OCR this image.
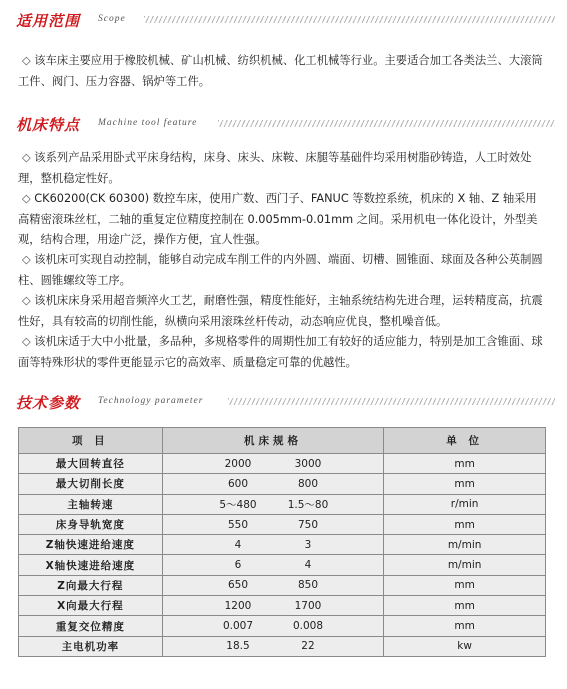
适用范围 Scope

◇ 该车床主要应用于橡胶机械、矿山机械、纺织机械、化工机械等行业。主要适合加工各类法兰、大滚筒工件、阀门、压力容器、锅炉等工件。

机床特点 Machine tool feature

◇ 该系列产品采用卧式平床身结构，床身、床头、床鞍、床腿等基础件均采用树脂砂铸造，人工时效处理，整机稳定性好。

◇ CK60200(CK 60300) 数控车床，使用广数、西门子、FANUC 等数控系统，机床的 X 轴、Z 轴采用高精密滚珠丝杠，二轴的重复定位精度控制在 0.005mm-0.01mm 之间。采用机电一体化设计，外型美观，结构合理，用途广泛，操作方便，宜人性强。

◇ 该机床可实现自动控制，能够自动完成车削工件的内外圆、端面、切槽、圆锥面、球面及各种公英制圆柱、圆锥螺纹等工序。

◇ 该机床床身采用超音频淬火工艺，耐磨性强，精度性能好，主轴系统结构先进合理，运转精度高，抗震性好，具有较高的切削性能，纵横向采用滚珠丝杆传动，动态响应优良，整机噪音低。

◇ 该机床适于大中小批量，多品种，多规格零件的周期性加工有较好的适应能力，特别是加工含锥面、球面等特殊形状的零件更能显示它的高效率、质量稳定可靠的优越性。

技术参数 Technology parameter
项 目	机床规格	单 位
最大回转直径	2000 3000	mm
最大切削长度	600 800	mm
主轴转速	5～480 1.5～80	r/min
床身导轨宽度	550 750	mm
Z轴快速进给速度	4 3	m/min
X轴快速进给速度	6 4	m/min
Z向最大行程	650 850	mm
X向最大行程	1200 1700	mm
重复交位精度	0.007 0.008	mm
主电机功率	18.5 22	kw
